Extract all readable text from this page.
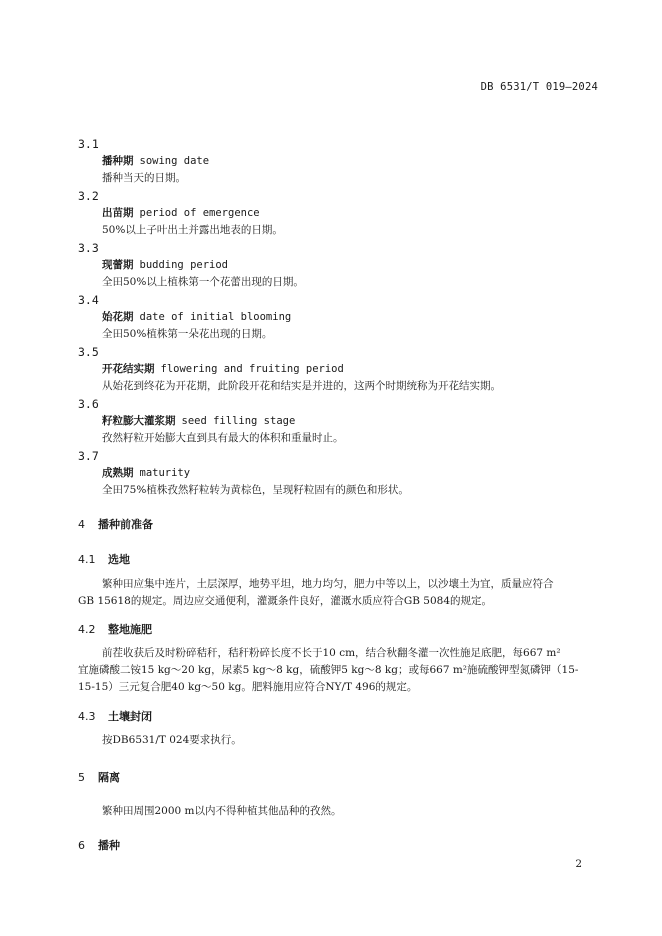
DB 6531/T 019—2024
3.1
播种期 sowing date
播种当天的日期。
3.2
出苗期 period of emergence
50%以上子叶出土并露出地表的日期。
3.3
现蕾期 budding period
全田50%以上植株第一个花蕾出现的日期。
3.4
始花期 date of initial blooming
全田50%植株第一朵花出现的日期。
3.5
开花结实期 flowering and fruiting period
从始花到终花为开花期，此阶段开花和结实是并进的，这两个时期统称为开花结实期。
3.6
籽粒膨大灌浆期 seed filling stage
孜然籽粒开始膨大直到具有最大的体积和重量时止。
3.7
成熟期 maturity
全田75%植株孜然籽粒转为黄棕色，呈现籽粒固有的颜色和形状。
4 播种前准备
4.1 选地
繁种田应集中连片，土层深厚，地势平坦，地力均匀，肥力中等以上，以沙壤土为宜，质量应符合
GB 15618的规定。周边应交通便利，灌溉条件良好，灌溉水质应符合GB 5084的规定。
4.2 整地施肥
前茬收获后及时粉碎秸秆，秸秆粉碎长度不长于10 cm，结合秋翻冬灌一次性施足底肥，每667 m²
宜施磷酸二铵15 kg～20 kg，尿素5 kg～8 kg，硫酸钾5 kg～8 kg；或每667 m²施硫酸钾型氮磷钾（15-
15-15）三元复合肥40 kg～50 kg。肥料施用应符合NY/T 496的规定。
4.3 土壤封闭
按DB6531/T 024要求执行。
5 隔离
繁种田周围2000 m以内不得种植其他品种的孜然。
6 播种
2
